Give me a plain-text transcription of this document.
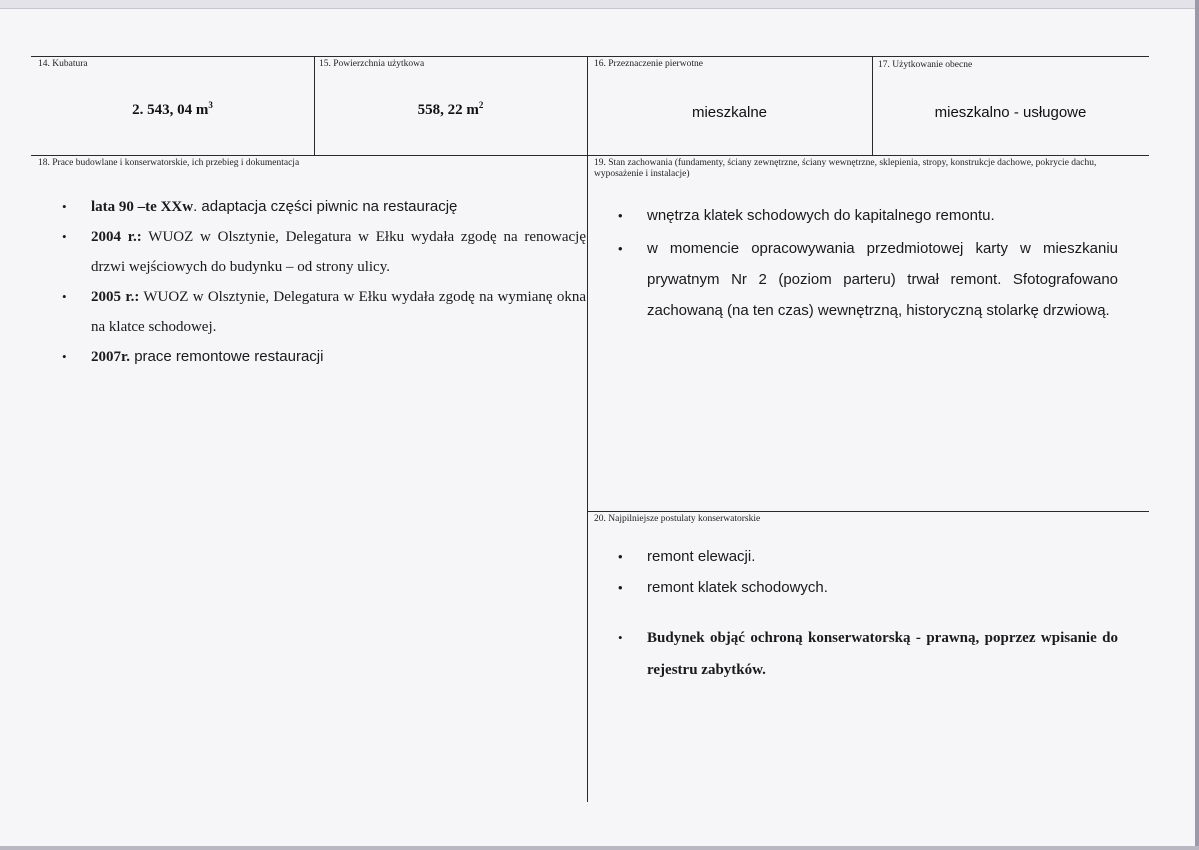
14. Kubatura
2. 543, 04 $m^3$
15. Powierzchnia użytkowa
558, 22 $m^2$
16. Przeznaczenie pierwotne
mieszkalne
17. Użytkowanie obecne
mieszkalno - usługowe
18. Prace budowlane i konserwatorskie, ich przebieg i dokumentacja
• lata 90 –te XXw. adaptacja części piwnic na restaurację
• 2004 r.: WUOZ w Olsztynie, Delegatura w Ełku wydała zgodę na renowację drzwi wejściowych do budynku – od strony ulicy.
• 2005 r.: WUOZ w Olsztynie, Delegatura w Ełku wydała zgodę na wymianę okna na klatce schodowej.
• 2007r. prace remontowe restauracji
19. Stan zachowania (fundamenty, ściany zewnętrzne, ściany wewnętrzne, sklepienia, stropy, konstrukcje dachowe, pokrycie dachu, wyposażenie i instalacje)
• wnętrza klatek schodowych do kapitalnego remontu.
• w momencie opracowywania przedmiotowej karty w mieszkaniu prywatnym Nr 2 (poziom parteru) trwał remont. Sfotografowano zachowaną (na ten czas) wewnętrzną, historyczną stolarkę drzwiową.
20. Najpilniejsze postulaty konserwatorskie
• remont elewacji.
• remont klatek schodowych.
• Budynek objąć ochroną konserwatorską - prawną, poprzez wpisanie do rejestru zabytków.
